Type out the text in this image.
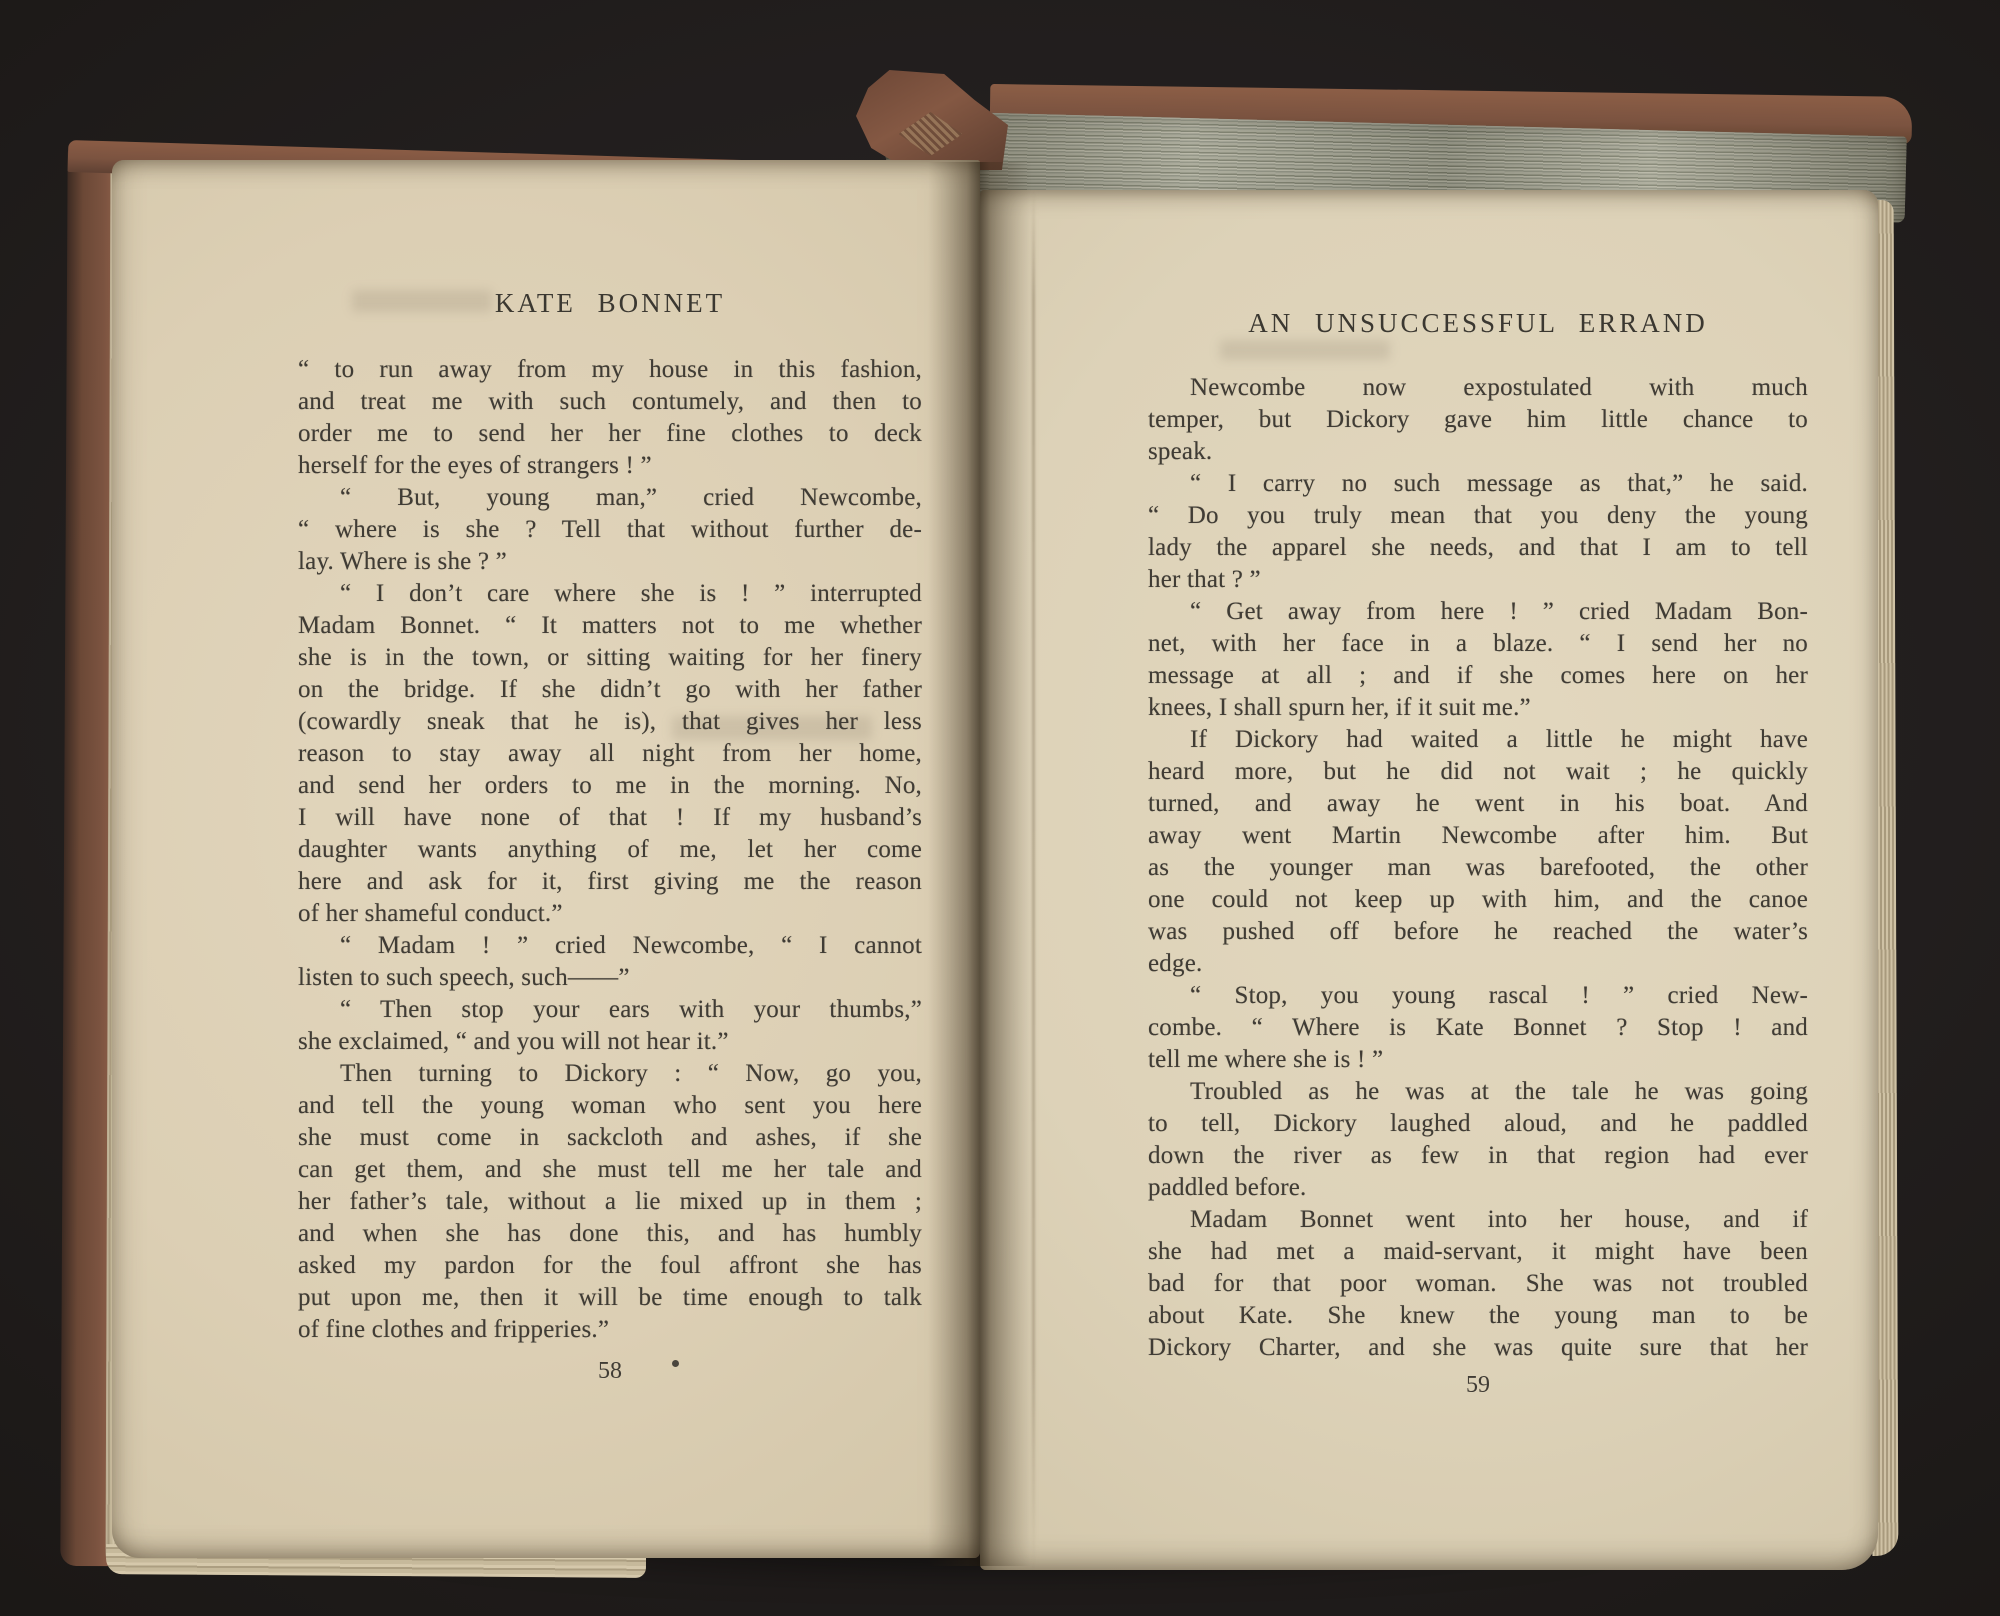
KATE BONNET
“ to run away from my house in this fashion,
and treat me with such contumely, and then to
order me to send her her fine clothes to deck
herself for the eyes of strangers ! ”
“ But, young man,” cried Newcombe,
“ where is she ? Tell that without further de-
lay. Where is she ? ”
“ I don’t care where she is ! ” interrupted
Madam Bonnet. “ It matters not to me whether
she is in the town, or sitting waiting for her finery
on the bridge. If she didn’t go with her father
(cowardly sneak that he is), that gives her less
reason to stay away all night from her home,
and send her orders to me in the morning. No,
I will have none of that ! If my husband’s
daughter wants anything of me, let her come
here and ask for it, first giving me the reason
of her shameful conduct.”
“ Madam ! ” cried Newcombe, “ I cannot
listen to such speech, such——”
“ Then stop your ears with your thumbs,”
she exclaimed, “ and you will not hear it.”
Then turning to Dickory : “ Now, go you,
and tell the young woman who sent you here
she must come in sackcloth and ashes, if she
can get them, and she must tell me her tale and
her father’s tale, without a lie mixed up in them ;
and when she has done this, and has humbly
asked my pardon for the foul affront she has
put upon me, then it will be time enough to talk
of fine clothes and fripperies.”
58
AN UNSUCCESSFUL ERRAND
Newcombe now expostulated with much
temper, but Dickory gave him little chance to
speak.
“ I carry no such message as that,” he said.
“ Do you truly mean that you deny the young
lady the apparel she needs, and that I am to tell
her that ? ”
“ Get away from here ! ” cried Madam Bon-
net, with her face in a blaze. “ I send her no
message at all ; and if she comes here on her
knees, I shall spurn her, if it suit me.”
If Dickory had waited a little he might have
heard more, but he did not wait ; he quickly
turned, and away he went in his boat. And
away went Martin Newcombe after him. But
as the younger man was barefooted, the other
one could not keep up with him, and the canoe
was pushed off before he reached the water’s
edge.
“ Stop, you young rascal ! ” cried New-
combe. “ Where is Kate Bonnet ? Stop ! and
tell me where she is ! ”
Troubled as he was at the tale he was going
to tell, Dickory laughed aloud, and he paddled
down the river as few in that region had ever
paddled before.
Madam Bonnet went into her house, and if
she had met a maid-servant, it might have been
bad for that poor woman. She was not troubled
about Kate. She knew the young man to be
Dickory Charter, and she was quite sure that her
59
